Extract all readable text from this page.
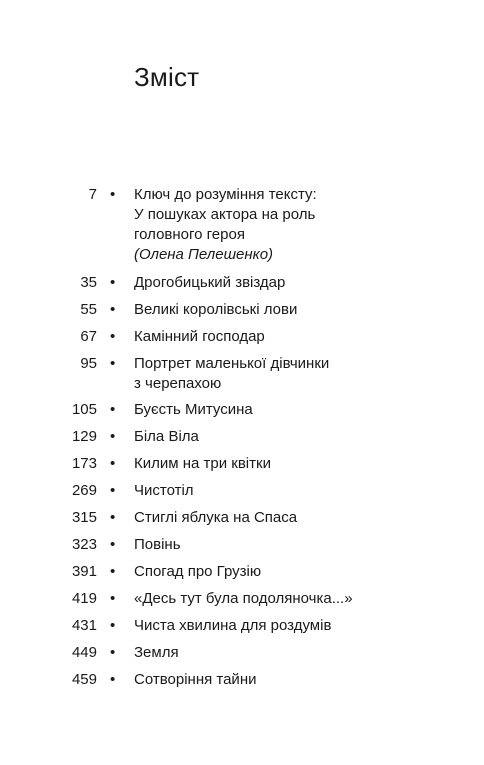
Зміст
7 • Ключ до розуміння тексту:
У пошуках актора на роль
головного героя
(Олена Пелешенко)
35 • Дрогобицький звіздар
55 • Великі королівські лови
67 • Камінний господар
95 • Портрет маленької дівчинки
з черепахою
105 • Буєсть Митусина
129 • Біла Віла
173 • Килим на три квітки
269 • Чистотіл
315 • Стиглі яблука на Спаса
323 • Повінь
391 • Спогад про Грузію
419 • «Десь тут була подоляночка...»
431 • Чиста хвилина для роздумів
449 • Земля
459 • Сотворіння тайни
